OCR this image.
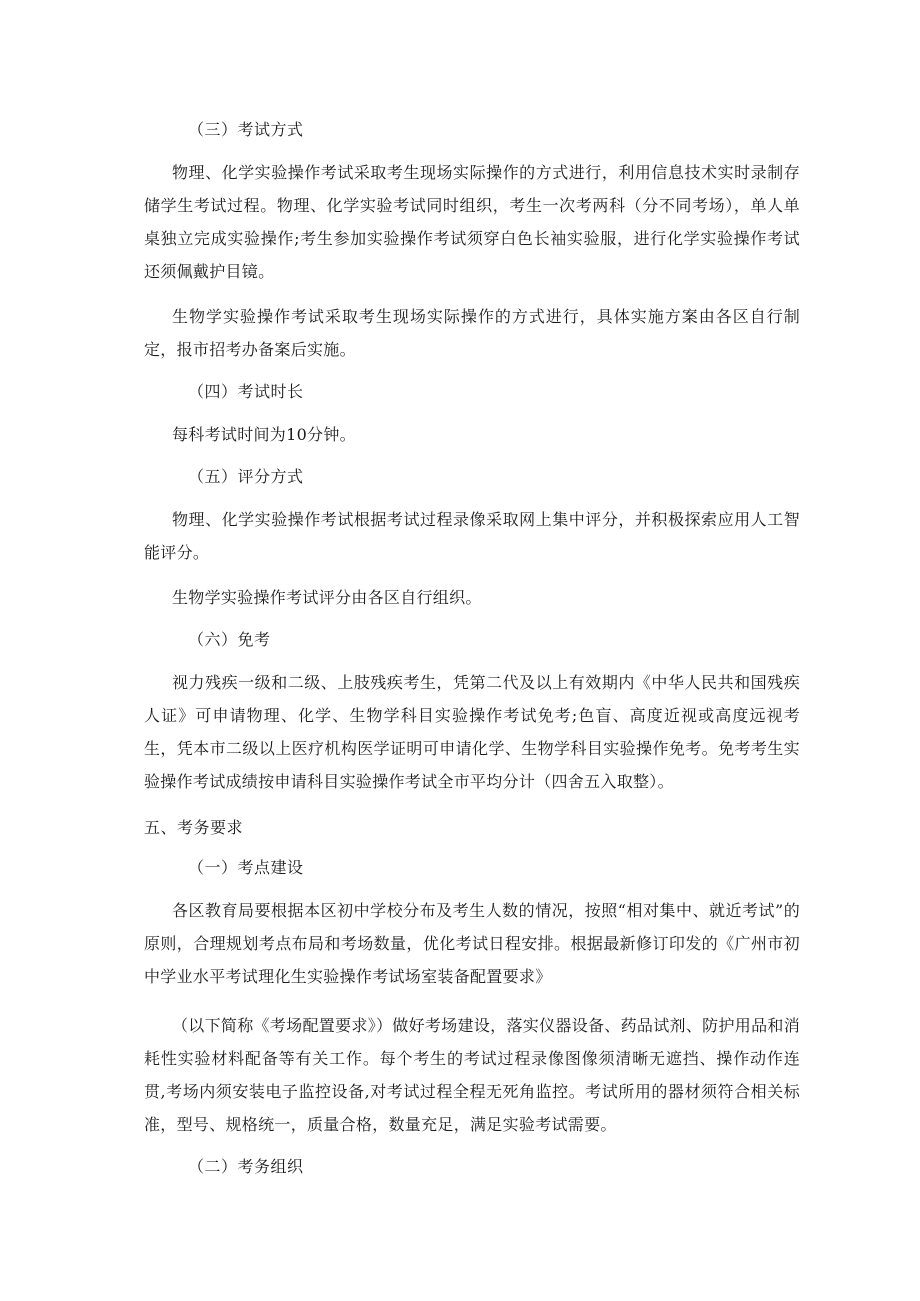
（三）考试方式

物理、化学实验操作考试采取考生现场实际操作的方式进行，利用信息技术实时录制存储学生考试过程。物理、化学实验考试同时组织，考生一次考两科（分不同考场），单人单桌独立完成实验操作;考生参加实验操作考试须穿白色长袖实验服，进行化学实验操作考试还须佩戴护目镜。

生物学实验操作考试采取考生现场实际操作的方式进行，具体实施方案由各区自行制定，报市招考办备案后实施。

（四）考试时长

每科考试时间为10分钟。

（五）评分方式

物理、化学实验操作考试根据考试过程录像采取网上集中评分，并积极探索应用人工智能评分。

生物学实验操作考试评分由各区自行组织。

（六）免考

视力残疾一级和二级、上肢残疾考生，凭第二代及以上有效期内《中华人民共和国残疾人证》可申请物理、化学、生物学科目实验操作考试免考;色盲、高度近视或高度远视考生，凭本市二级以上医疗机构医学证明可申请化学、生物学科目实验操作免考。免考考生实验操作考试成绩按申请科目实验操作考试全市平均分计（四舍五入取整）。

五、考务要求
（一）考点建设

各区教育局要根据本区初中学校分布及考生人数的情况，按照“相对集中、就近考试”的原则，合理规划考点布局和考场数量，优化考试日程安排。根据最新修订印发的《广州市初中学业水平考试理化生实验操作考试场室装备配置要求》

（以下简称《考场配置要求》）做好考场建设，落实仪器设备、药品试剂、防护用品和消耗性实验材料配备等有关工作。每个考生的考试过程录像图像须清晰无遮挡、操作动作连贯,考场内须安装电子监控设备,对考试过程全程无死角监控。考试所用的器材须符合相关标准，型号、规格统一，质量合格，数量充足，满足实验考试需要。

（二）考务组织
